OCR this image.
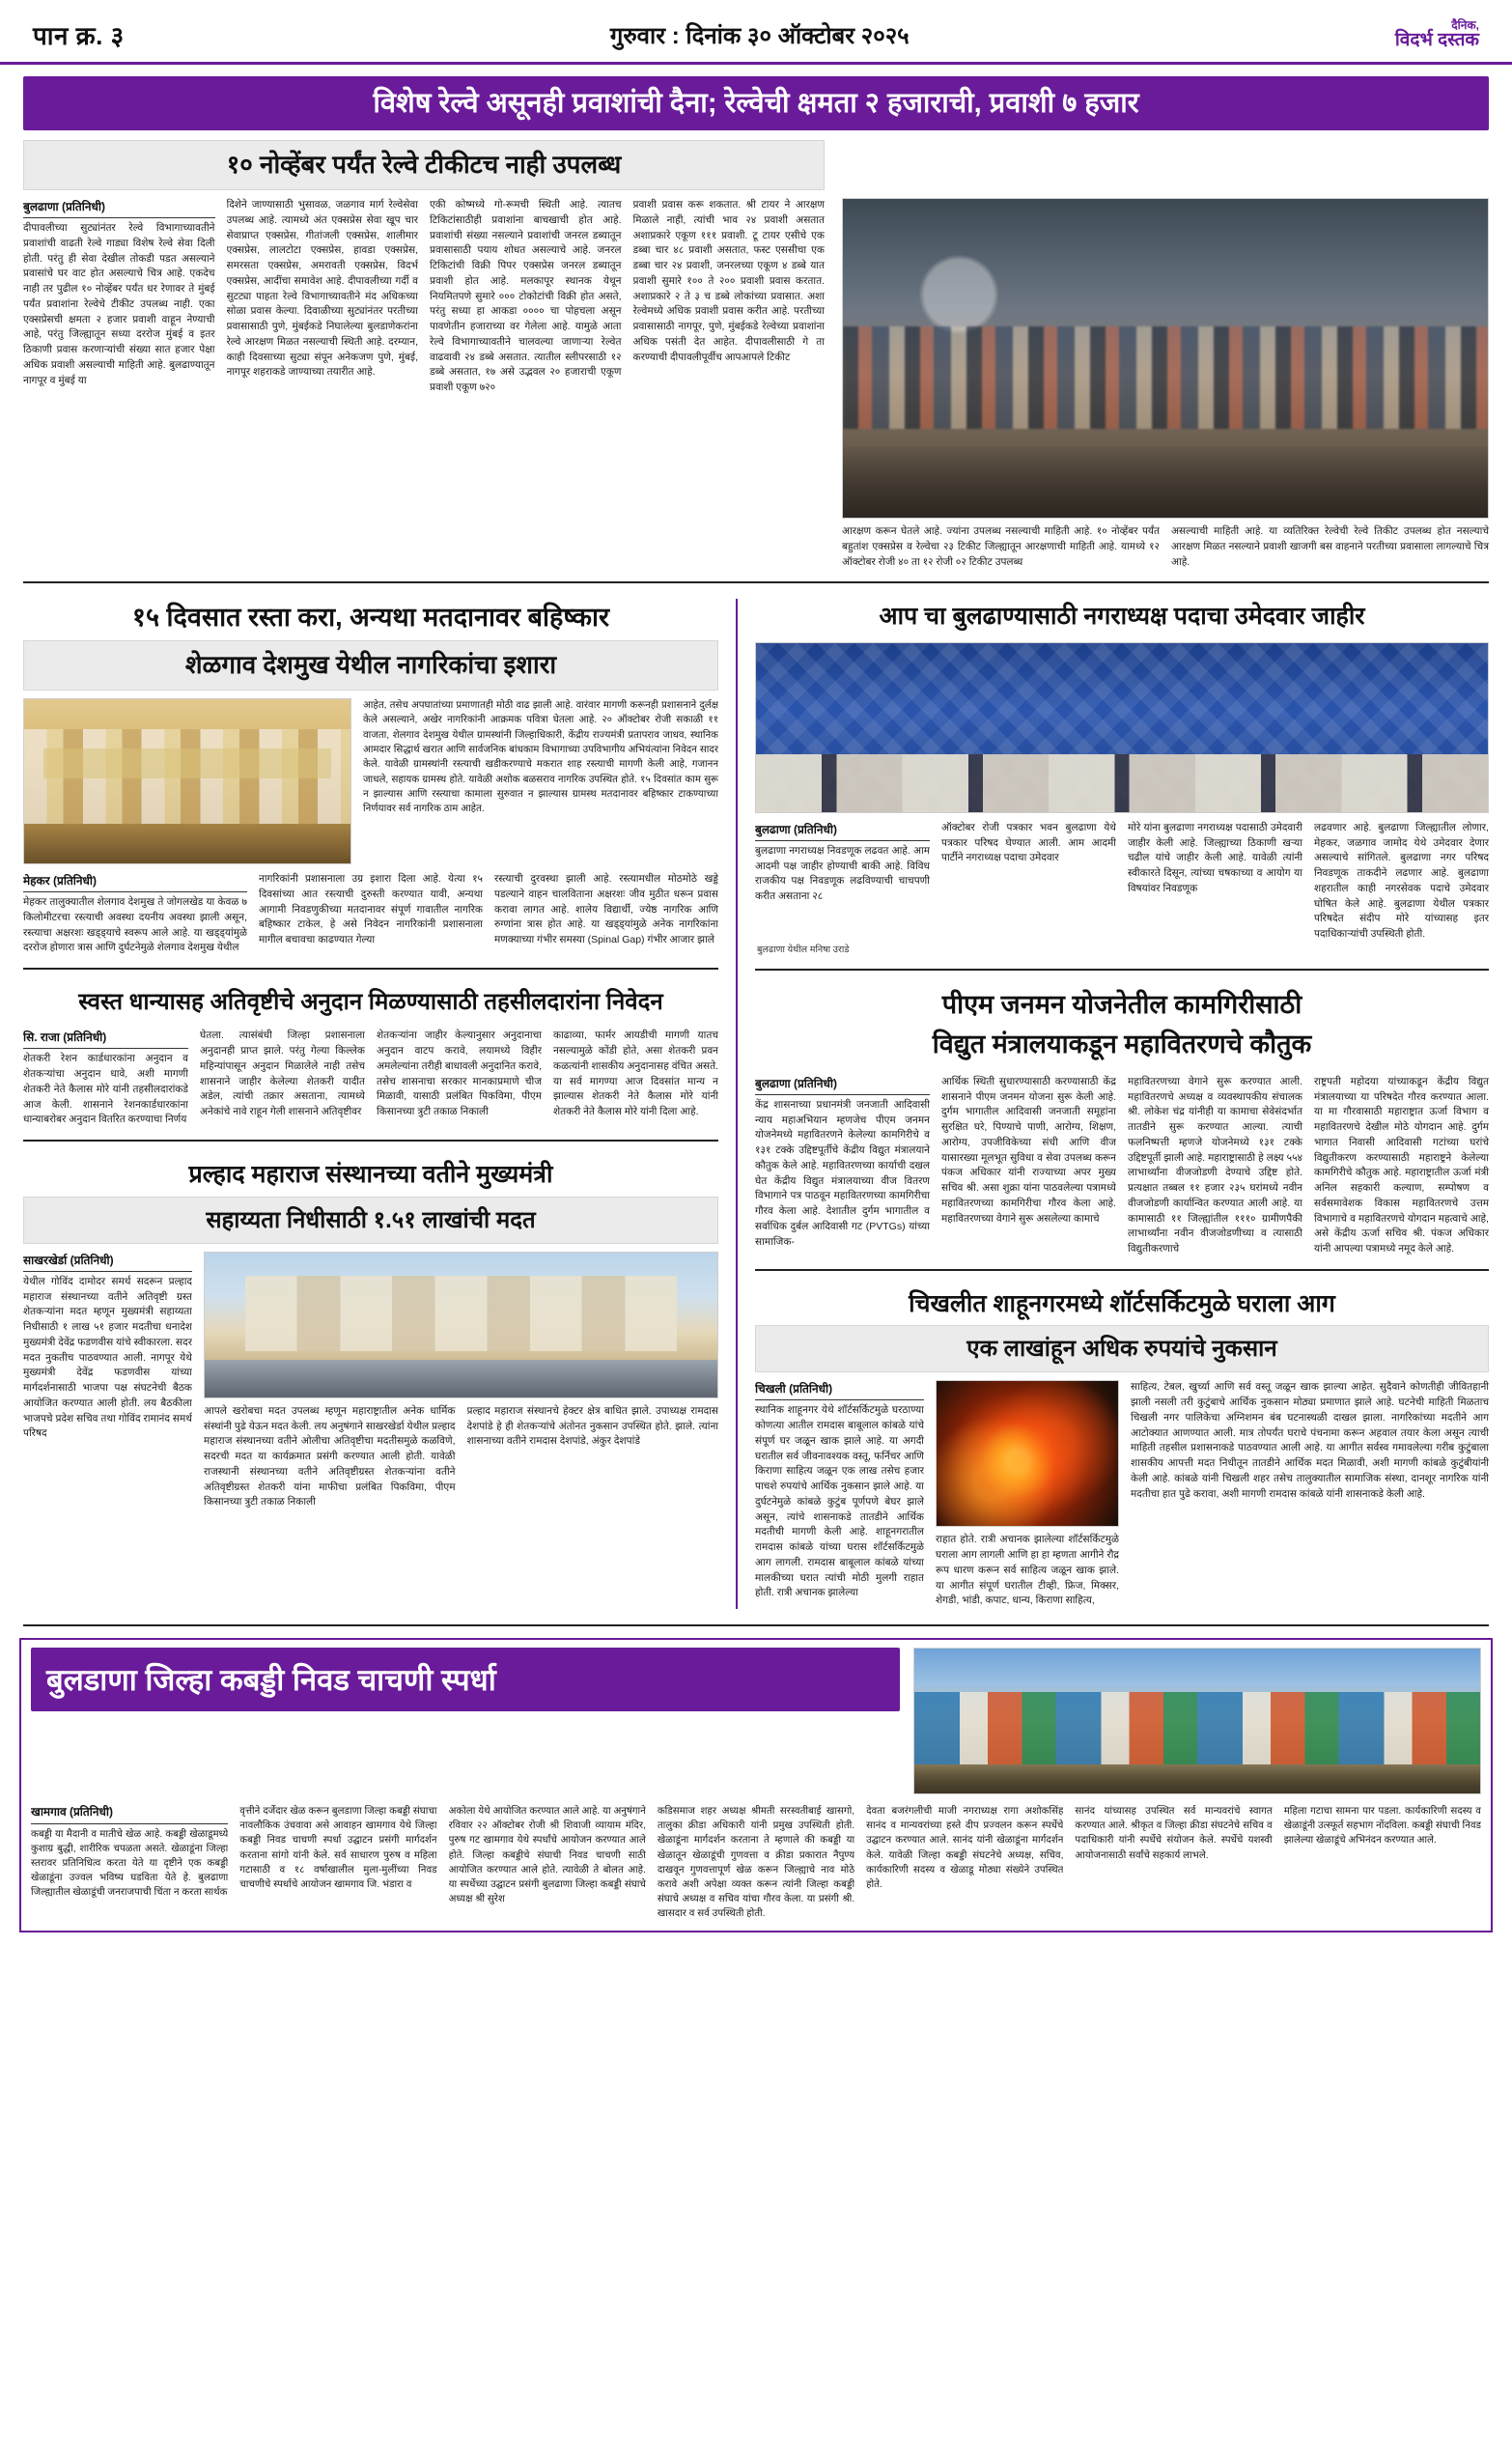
पान क्र. ३	गुरुवार : दिनांक ३० ऑक्टोबर २०२५	दैनिक,
विदर्भ दस्तक
विशेष रेल्वे असूनही प्रवाशांची दैना; रेल्वेची क्षमता २ हजाराची, प्रवाशी ७ हजार
१० नोव्हेंबर पर्यंत रेल्वे टीकीटच नाही उपलब्ध
बुलढाणा (प्रतिनिधी)
दीपावलीच्या सुट्यांनंतर रेल्वे विभागाच्यावतीने प्रवाशांची वाढती रेल्वे गाड्या विशेष रेल्वे सेवा दिली होती. परंतु ही सेवा देखील तोकडी पडत असल्याने प्रवासांचे घर वाट होत असल्याचे चित्र आहे. एकदेच नाही तर पुढील १० नोव्हेंबर पर्यंत धर रेणावर ते मुंबई पर्यंत प्रवाशांना रेल्वेचे टीकीट उपलब्ध नाही. एका एक्सप्रेसची क्षमता २ हजार प्रवाशी वाहून नेण्याची आहे, परंतु जिल्ह्यातून सध्या दररोज मुंबई व इतर ठिकाणी प्रवास करणाऱ्यांची संख्या सात हजार पेक्षा अधिक प्रवाशी असल्याची माहिती आहे. बुलढाण्यातून नागपूर व मुंबई या
दिशेने जाण्यासाठी भुसावळ, जळगाव मार्ग रेल्वेसेवा उपलब्ध आहे. त्यामध्ये अंत एक्सप्रेस सेवा खूप चार सेवाप्राप्त एक्सप्रेस, गीतांजली एक्सप्रेस, शालीमार एक्सप्रेस, लालटोटा एक्सप्रेस, हावडा एक्सप्रेस, समरसता एक्सप्रेस, अमरावती एक्सप्रेस, विदर्भ एक्सप्रेस, आदींचा समावेश आहे. दीपावलीच्या गर्दी व सुटट्या पाहता रेल्वे विभागाच्यावतीने मंद अधिकच्या सोळा प्रवास केल्या. दिवाळीच्या सुट्यांनंतर परतीच्या प्रवासासाठी पुणे, मुंबईकडे निघालेल्या बुलडाणेकरांना रेल्वे आरक्षण मिळत नसल्याची स्थिती आहे. दरम्यान, काही दिवसाच्या सुट्या संपून अनेकजण पुणे, मुंबई, नागपूर शहराकडे जाण्याच्या तयारीत आहे.
एकी कोष्मध्ये गो-रूमची स्थिती आहे. त्यातच टिकिटांसाठीही प्रवाशांना बाचखाची होत आहे. प्रवाशांची संख्या नसल्याने प्रवाशांची जनरल डब्यातून प्रवासासाठी पयाय शोधत असल्याचे आहे. जनरल टिकिटांची विक्री पिपर एक्सप्रेस जनरल डब्यातून प्रवाशी होत आहे. मलकापूर स्थानक येथून नियमितपणे सुमारे ००० टोकोटांची विक्री होत असते, परंतु सध्या हा आकडा ०००० चा पोहचला असून पावणेतीन हजाराच्या वर गेलेला आहे. यामुळे आता रेल्वे विभागाच्यावतीने चालवल्या जाणाऱ्या रेल्वेत वाढवावी २४ डब्बे असतात. त्यातील स्लीपरसाठी १२ डब्बे असतात, १७ असे उद्भवल २० हजाराची एकूण प्रवाशी एकूण ७२०
प्रवाशी प्रवास करू शकतात. श्री टायर ने आरक्षण मिळाले नाही, त्यांची भाव २४ प्रवाशी असतात अशाप्रकारे एकूण १११ प्रवाशी. टू टायर एसीचे एक डब्बा चार ४८ प्रवाशी असतात, फस्ट एससीचा एक डब्बा चार २४ प्रवाशी, जनरलच्या एकूण ४ डब्बे यात प्रवाशी सुमारे १०० ते २०० प्रवाशी प्रवास करतात. अशाप्रकारे २ ते ३ च डब्बे लोकांच्या प्रवासात. अशा रेल्वेमध्ये अधिक प्रवाशी प्रवास करीत आहे. परतीच्या प्रवासासाठी नागपूर, पुणे, मुंबईकडे रेल्वेच्या प्रवाशांना अधिक पसंती देत आहेत. दीपावलीसाठी गे ता करण्याची दीपावलीपूर्वीच आपआपले टिकीट
आरक्षण करून घेतले आहे. ज्यांना उपलब्ध नसल्याची माहिती आहे. १० नोव्हेंबर पर्यंत बहुतांश एक्सप्रेस व रेल्वेचा २३ टिकीट जिल्ह्यातून आरक्षणाची माहिती आहे. यामध्ये १२ ऑक्टोबर रोजी ४० ता १२ रोजी ०२ टिकीट उपलब्ध
असल्याची माहिती आहे. या व्यतिरिक्त रेल्वेची रेल्वे तिकीट उपलब्ध होत नसल्याचे आरक्षण मिळत नसल्याने प्रवाशी खाजगी बस वाहनाने परतीच्या प्रवासाला लागल्याचे चित्र आहे.
१५ दिवसात रस्ता करा, अन्यथा मतदानावर बहिष्कार
शेळगाव देशमुख येथील नागरिकांचा इशारा
आहेत, तसेच अपघातांच्या प्रमाणातही मोठी वाढ झाली आहे. वारंवार मागणी करूनही प्रशासनाने दुर्लक्ष केले असल्याने, अखेर नागरिकांनी आक्रमक पवित्रा घेतला आहे. २० ऑक्टोबर रोजी सकाळी ११ वाजता, शेलगाव देशमुख येथील ग्रामस्थांनी जिल्हाधिकारी, केंद्रीय राज्यमंत्री प्रतापराव जाधव, स्थानिक आमदार सिद्धार्थ खरात आणि सार्वजनिक बांधकाम विभागाच्या उपविभागीय अभियंत्यांना निवेदन सादर केले. यावेळी ग्रामस्थांनी रस्त्याची खडीकरण्याचे मकरात शाह रस्त्याची मागणी केली आहे, गजानन जाधले, सहायक ग्रामस्थ होते. यावेळी अशोक बळसराव नागरिक उपस्थित होते. १५ दिवसांत काम सुरू न झाल्यास आणि रस्त्याचा कामाला सुरुवात न झाल्यास ग्रामस्थ मतदानावर बहिष्कार टाकण्याच्या निर्णयावर सर्व नागरिक ठाम आहेत.
मेहकर (प्रतिनिधी)
मेहकर तालुक्यातील शेलगाव देशमुख ते जोगलखेड या केवळ ७ किलोमीटरचा रस्त्याची अवस्था दयनीय अवस्था झाली असून, रस्त्याचा अक्षरशः खड्ड्याचे स्वरूप आले आहे. या खड्ड्यांमुळे दररोज होणारा त्रास आणि दुर्घटनेमुळे शेलगाव देशमुख येथील
नागरिकांनी प्रशासनाला उग्र इशारा दिला आहे. येत्या १५ दिवसांच्या आत रस्त्याची दुरुस्ती करण्यात यावी, अन्यथा आगामी निवडणुकीच्या मतदानावर संपूर्ण गावातील नागरिक बहिष्कार टाकेल, हे असे निवेदन नागरिकांनी प्रशासनाला मागील बचावचा काढण्यात गेल्या
रस्त्याची दुरवस्था झाली आहे. रस्त्यामधील मोठमोठे खड्डे पडल्याने वाहन चालविताना अक्षरशः जीव मुठीत धरून प्रवास करावा लागत आहे. शालेय विद्यार्थी, ज्येष्ठ नागरिक आणि रुग्णांना त्रास होत आहे. या खड्ड्यांमुळे अनेक नागरिकांना मणक्याच्या गंभीर समस्या (Spinal Gap) गंभीर आजार झाले
स्वस्त धान्यासह अतिवृष्टीचे अनुदान मिळण्यासाठी तहसीलदारांना निवेदन
सि. राजा (प्रतिनिधी)
शेतकरी रेशन कार्डधारकांना अनुदान व शेतकऱ्यांचा अनुदान धावे, अशी मागणी शेतकरी नेते कैलास मोरे यांनी तहसीलदारांकडे आज केली. शासनाने रेशनकार्डधारकांना धान्याबरोबर अनुदान वितरित करण्याचा निर्णय
घेतला. त्यासंबंधी जिल्हा प्रशासनाला अनुदानही प्राप्त झाले. परंतु गेल्या किल्लेक महिन्यांपासून अनुदान मिळालेले नाही तसेच शासनाने जाहीर केलेल्या शेतकरी यादीत अडेल, त्यांची तक्रार असताना, त्यामध्ये अनेकांचे नावे राहून गेली शासनाने अतिवृष्टीवर
शेतकऱ्यांना जाहीर केल्यानुसार अनुदानाचा अनुदान वाटप करावे, लयामध्ये विहीर अमलेल्यांना तरीही बाधावली अनुदानित करावे, तसेच शासनाचा सरकार मानकाप्रमाणे चीज मिळावी, यासाठी प्रलंबित पिकविमा, पीएम किसानच्या त्रुटी तकाळ निकाली
काढाव्या, फार्मर आयडीची मागणी यातच नसल्यामुळे कोंडी होते, असा शेतकरी प्रवन कळत्यांनी शासकीय अनुदानासह वंचित असते. या सर्व मागण्या आज दिवसांत मान्य न झाल्यास शेतकरी नेते कैलास मोरे यांनी शेतकरी नेते कैलास मोरे यांनी दिला आहे.
प्रल्हाद महाराज संस्थानच्या वतीने मुख्यमंत्री
सहाय्यता निधीसाठी १.५१ लाखांची मदत
साखरखेर्डा (प्रतिनिधी)
येथील गोविंद दामोदर समर्थ सदरून प्रल्हाद महाराज संस्थानच्या वतीने अतिवृष्टी ग्रस्त शेतकऱ्यांना मदत म्हणून मुख्यमंत्री सहाय्यता निधीसाठी १ लाख ५१ हजार मदतीचा धनादेश मुख्यमंत्री देवेंद्र फडणवीस यांचे स्वीकारला. सदर मदत नुकतीच पाठवण्यात आली. नागपूर येथे मुख्यमंत्री देवेंद्र फडणवीस यांच्या मार्गदर्शनासाठी भाजपा पक्ष संघटनेची बैठक आयोजित करण्यात आली होती. लय बैठकीला भाजपचे प्रदेश सचिव तथा गोविंद रामानंद समर्थ परिषद
आपले खरोबचा मदत उपलब्ध म्हणून महाराष्ट्रातील अनेक धार्मिक संस्थांनी पुढे येऊन मदत केली. लय अनुषंगाने साखरखेर्डा येथील प्रल्हाद महाराज संस्थानच्या वतीने ओलीचा अतिवृष्टीचा मदतीसमुळे कळविणे, सदरची मदत या कार्यक्रमात प्रसंगी करण्यात आली होती. यावेळी राजस्थानी संस्थानच्या वतीने अतिवृष्टीग्रस्त शेतकऱ्यांना वतीने अतिवृष्टीग्रस्त शेतकरी यांना माफीचा प्रलंबित पिकविमा, पीएम किसानच्या त्रुटी तकाळ निकाली
प्रल्हाद महाराज संस्थानचे हेक्टर क्षेत्र बाधित झाले. उपाध्यक्ष रामदास देशपांडे हे ही शेतकऱ्यांचे अंतोनत नुकसान उपस्थित होते. झाले. त्यांना शासनाच्या वतीने रामदास देशपांडे, अंकुर देशपांडे
आप चा बुलढाण्यासाठी नगराध्यक्ष पदाचा उमेदवार जाहीर
बुलढाणा (प्रतिनिधी)
बुलढाणा नगराध्यक्ष निवडणूक लढवत आहे. आम आदमी पक्ष जाहीर होण्याची बाकी आहे. विविध राजकीय पक्ष निवडणूक लढविण्याची चाचपणी करीत असताना २८
ऑक्टोबर रोजी पत्रकार भवन बुलढाणा येथे पत्रकार परिषद घेण्यात आली. आम आदमी पार्टीने नगराध्यक्ष पदाचा उमेदवार
मोरे यांना बुलढाणा नगराध्यक्ष पदासाठी उमेदवारी जाहीर केली आहे. जिल्ह्याच्या ठिकाणी खऱ्या चढील यांचे जाहीर केली आहे. यावेळी त्यांनी स्वीकारते दिसून, त्यांच्या चषकाच्या व आयोग या विषयांवर निवडणूक
लढवणार आहे. बुलढाणा जिल्ह्यातील लोणार, मेहकर, जळगाव जामोद येथे उमेदवार देणार असल्याचे सांगितले. बुलढाणा नगर परिषद निवडणूक ताकदीने लढणार आहे. बुलढाणा शहरातील काही नगरसेवक पदाचे उमेदवार घोषित केले आहे. बुलढाणा येथील पत्रकार परिषदेत संदीप मोरे यांच्यासह इतर पदाधिकाऱ्यांची उपस्थिती होती.
बुलढाणा येथील मनिषा उराडे
पीएम जनमन योजनेतील कामगिरीसाठी
विद्युत मंत्रालयाकडून महावितरणचे कौतुक
बुलढाणा (प्रतिनिधी)
केंद्र शासनाच्या प्रधानमंत्री जनजाती आदिवासी न्याय महाअभियान म्हणजेच पीएम जनमन योजनेमध्ये महावितरणने केलेल्या कामगिरीचे व १३१ टक्के उद्दिष्टपूर्तीचे केंद्रीय विद्युत मंत्रालयाने कौतुक केले आहे. महावितरणच्या कार्याची दखल घेत केंद्रीय विद्युत मंत्रालयाच्या वीज वितरण विभागाने पत्र पाठवून महावितरणच्या कामगिरीचा गौरव केला आहे. देशातील दुर्गम भागातील व सर्वाधिक दुर्बल आदिवासी गट (PVTGs) यांच्या सामाजिक-
आर्थिक स्थिती सुधारण्यासाठी करण्यासाठी केंद्र शासनाने पीएम जनमन योजना सुरू केली आहे. दुर्गम भागातील आदिवासी जनजाती समूहांना सुरक्षित घरे, पिण्याचे पाणी, आरोग्य, शिक्षण, आरोग्य, उपजीविकेच्या संधी आणि वीज यासारख्या मूलभूत सुविधा व सेवा उपलब्ध करून पंकज अधिकार यांनी राज्याच्या अपर मुख्य सचिव श्री. असा शुक्रा यांना पाठवलेल्या पत्रामध्ये महावितरणच्या कामगिरीचा गौरव केला आहे. महावितरणच्या वेगाने सुरू असलेल्या कामाचे
महावितरणच्या वेगाने सुरू करण्यात आली. महावितरणचे अध्यक्ष व व्यवस्थापकीय संचालक श्री. लोकेश चंद्र यांनीही या कामाचा सेवेसंदर्भात तातडीने सुरू करण्यात आल्या. त्याची फलनिष्पत्ती म्हणजे योजनेमध्ये १३१ टक्के उद्दिष्टपूर्ती झाली आहे. महाराष्ट्रासाठी हे लक्ष्य ५५४ लाभार्थ्यांना वीजजोडणी देण्याचे उद्दिष्ट होते. प्रत्यक्षात तब्बल ११ हजार २३५ घरांमध्ये नवीन वीजजोडणी कार्यान्वित करण्यात आली आहे. या कामासाठी ११ जिल्ह्यांतील १११० ग्रामीणपैकी लाभार्थ्यांना नवीन वीजजोडणीच्या व त्यासाठी विद्युतीकरणाचे
राष्ट्रपती महोदया यांच्याकडून केंद्रीय विद्युत मंत्रालयाच्या या परिषदेत गौरव करण्यात आला. या मा गौरवासाठी महाराष्ट्रात ऊर्जा विभाग व महावितरणचे देखील मोठे योगदान आहे. दुर्गम भागात निवासी आदिवासी गटांच्या घरांचे विद्युतीकरण करण्यासाठी महाराष्ट्रने केलेल्या कामगिरीचे कौतुक आहे. महाराष्ट्रातील ऊर्जा मंत्री अनिल सहकारी कल्याण, सम्पोषण व सर्वसमावेशक विकास महावितरणचे उत्तम विभागाचे व महावितरणचे योगदान महत्वाचे आहे, असे केंद्रीय ऊर्जा सचिव श्री. पंकज अधिकार यांनी आपल्या पत्रामध्ये नमूद केले आहे.
चिखलीत शाहूनगरमध्ये शॉर्टसर्किटमुळे घराला आग
एक लाखांहून अधिक रुपयांचे नुकसान
चिखली (प्रतिनिधी)
स्थानिक शाहूनगर येथे शॉर्टसर्किटमुळे घरठाण्या कोणत्या आतील रामदास बाबूलाल कांबळे यांचे संपूर्ण घर जळून खाक झाले आहे. या अगदी घरातील सर्व जीवनावश्यक वस्तू, फर्निचर आणि किराणा साहित्य जळून एक लाख तसेच हजार पाचशे रुपयांचे आर्थिक नुकसान झाले आहे. या दुर्घटनेमुळे कांबळे कुटुंब पूर्णपणे बेघर झाले असून, त्यांचे शासनाकडे तातडीने आर्थिक मदतीची मागणी केली आहे. शाहूनगरातील रामदास कांबळे यांच्या घरास शॉर्टसर्किटमुळे आग लागली. रामदास बाबूलाल कांबळे यांच्या मालकीच्या घरात त्यांची मोठी मुलगी राहात होती. रात्री अचानक झालेल्या
राहात होते. रात्री अचानक झालेल्या शॉर्टसर्किटमुळे घराला आग लागली आणि हा हा म्हणता आगीने रौद्र रूप धारण करून सर्व साहित्य जळून खाक झाले. या आगीत संपूर्ण घरातील टीव्ही, फ्रिज, मिक्सर, शेगडी, भांडी, कपाट, धान्य, किराणा साहित्य,
साहित्य, टेबल, खुर्च्या आणि सर्व वस्तू जळून खाक झाल्या आहेत. सुदैवाने कोणतीही जीवितहानी झाली नसली तरी कुटुंबाचे आर्थिक नुकसान मोठ्या प्रमाणात झाले आहे. घटनेची माहिती मिळताच चिखली नगर पालिकेचा अग्निशमन बंब घटनास्थळी दाखल झाला. नागरिकांच्या मदतीने आग आटोक्यात आणण्यात आली. मात्र तोपर्यंत घराचे पंचनामा करून अहवाल तयार केला असून त्याची माहिती तहसील प्रशासनाकडे पाठवण्यात आली आहे. या आगीत सर्वस्व गमावलेल्या गरीब कुटुंबाला शासकीय आपत्ती मदत निधीतून तातडीने आर्थिक मदत मिळावी, अशी मागणी कांबळे कुटुंबीयांनी केली आहे. कांबळे यांनी चिखली शहर तसेच तालुक्यातील सामाजिक संस्था, दानशूर नागरिक यांनी मदतीचा हात पुढे करावा, अशी मागणी रामदास कांबळे यांनी शासनाकडे केली आहे.
बुलडाणा जिल्हा कबड्डी निवड चाचणी स्पर्धा
खामगाव (प्रतिनिधी)
कबड्डी या मैदानी व मातीचे खेळ आहे. कबड्डी खेळाडूमध्ये कुशाग्र बुद्धी, शारीरिक चपळता असते. खेळाडूंना जिल्हा स्तरावर प्रतिनिधित्व करता येते या दृष्टीने एक कबड्डी खेळाडूंना उज्वल भविष्य घडविता येते हे. बुलढाणा जिल्ह्यातील खेळाडूंची जनराजपाची चिंता न करता सार्थक
वृत्तीने दर्जेदार खेळ करून बुलडाणा जिल्हा कबड्डी संघाचा नावलौकिक उंचवावा असे आवाहन खामगाव येथे जिल्हा कबड्डी निवड चाचणी स्पर्धा उद्घाटन प्रसंगी मार्गदर्शन करताना सांगो यांनी केले. सर्व साधारण पुरुष व महिला गटासाठी व १८ वर्षाखालील मुला-मुलींच्या निवड चाचणीचे स्पर्धाचे आयोजन खामगाव जि. भंडारा व
अकोला येथे आयोजित करण्यात आले आहे. या अनुषंगाने रविवार २२ ऑक्टोबर रोजी श्री शिवाजी व्यायाम मंदिर, पुरुष गट खामगाव येथे स्पर्धांचे आयोजन करण्यात आले होते. जिल्हा कबड्डीचे संघाची निवड चाचणी साठी आयोजित करण्यात आले होते. त्यावेळी ते बोलत आहे. या स्पर्धेच्या उद्घाटन प्रसंगी बुलढाणा जिल्हा कबड्डी संघाचे अध्यक्ष श्री सुरेश
कडिसमाज शहर अध्यक्ष श्रीमती सरस्वतीबाई खासगो, तालुका क्रीडा अधिकारी यांनी प्रमुख उपस्थिती होती. खेळाडूंना मार्गदर्शन करताना ते म्हणाले की कबड्डी या खेळातून खेळाडूंची गुणवत्ता व क्रीडा प्रकारात नैपुण्य दाखवून गुणवत्तापूर्ण खेळ करून जिल्ह्याचे नाव मोठे करावे अशी अपेक्षा व्यक्त करून त्यांनी जिल्हा कबड्डी संघाचे अध्यक्ष व सचिव यांचा गौरव केला. या प्रसंगी श्री. खासदार व सर्व उपस्थिती होती.
देवता बजरंगलीची माजी नगराध्यक्ष रागा अशोकसिंह सानंद व मान्यवरांच्या हस्ते दीप प्रज्वलन करून स्पर्धेचे उद्घाटन करण्यात आले. सानंद यांनी खेळाडूंना मार्गदर्शन केले. यावेळी जिल्हा कबड्डी संघटनेचे अध्यक्ष, सचिव, कार्यकारिणी सदस्य व खेळाडू मोठ्या संख्येने उपस्थित होते.
सानंद यांच्यासह उपस्थित सर्व मान्यवरांचे स्वागत करण्यात आले. श्रीकृत व जिल्हा क्रीडा संघटनेचे सचिव व पदाधिकारी यांनी स्पर्धेचे संयोजन केले. स्पर्धेचे यशस्वी आयोजनासाठी सर्वांचे सहकार्य लाभले.
महिला गटाचा सामना पार पडला. कार्यकारिणी सदस्य व खेळाडूंनी उत्स्फूर्त सहभाग नोंदविला. कबड्डी संघाची निवड झालेल्या खेळाडूंचे अभिनंदन करण्यात आले.
